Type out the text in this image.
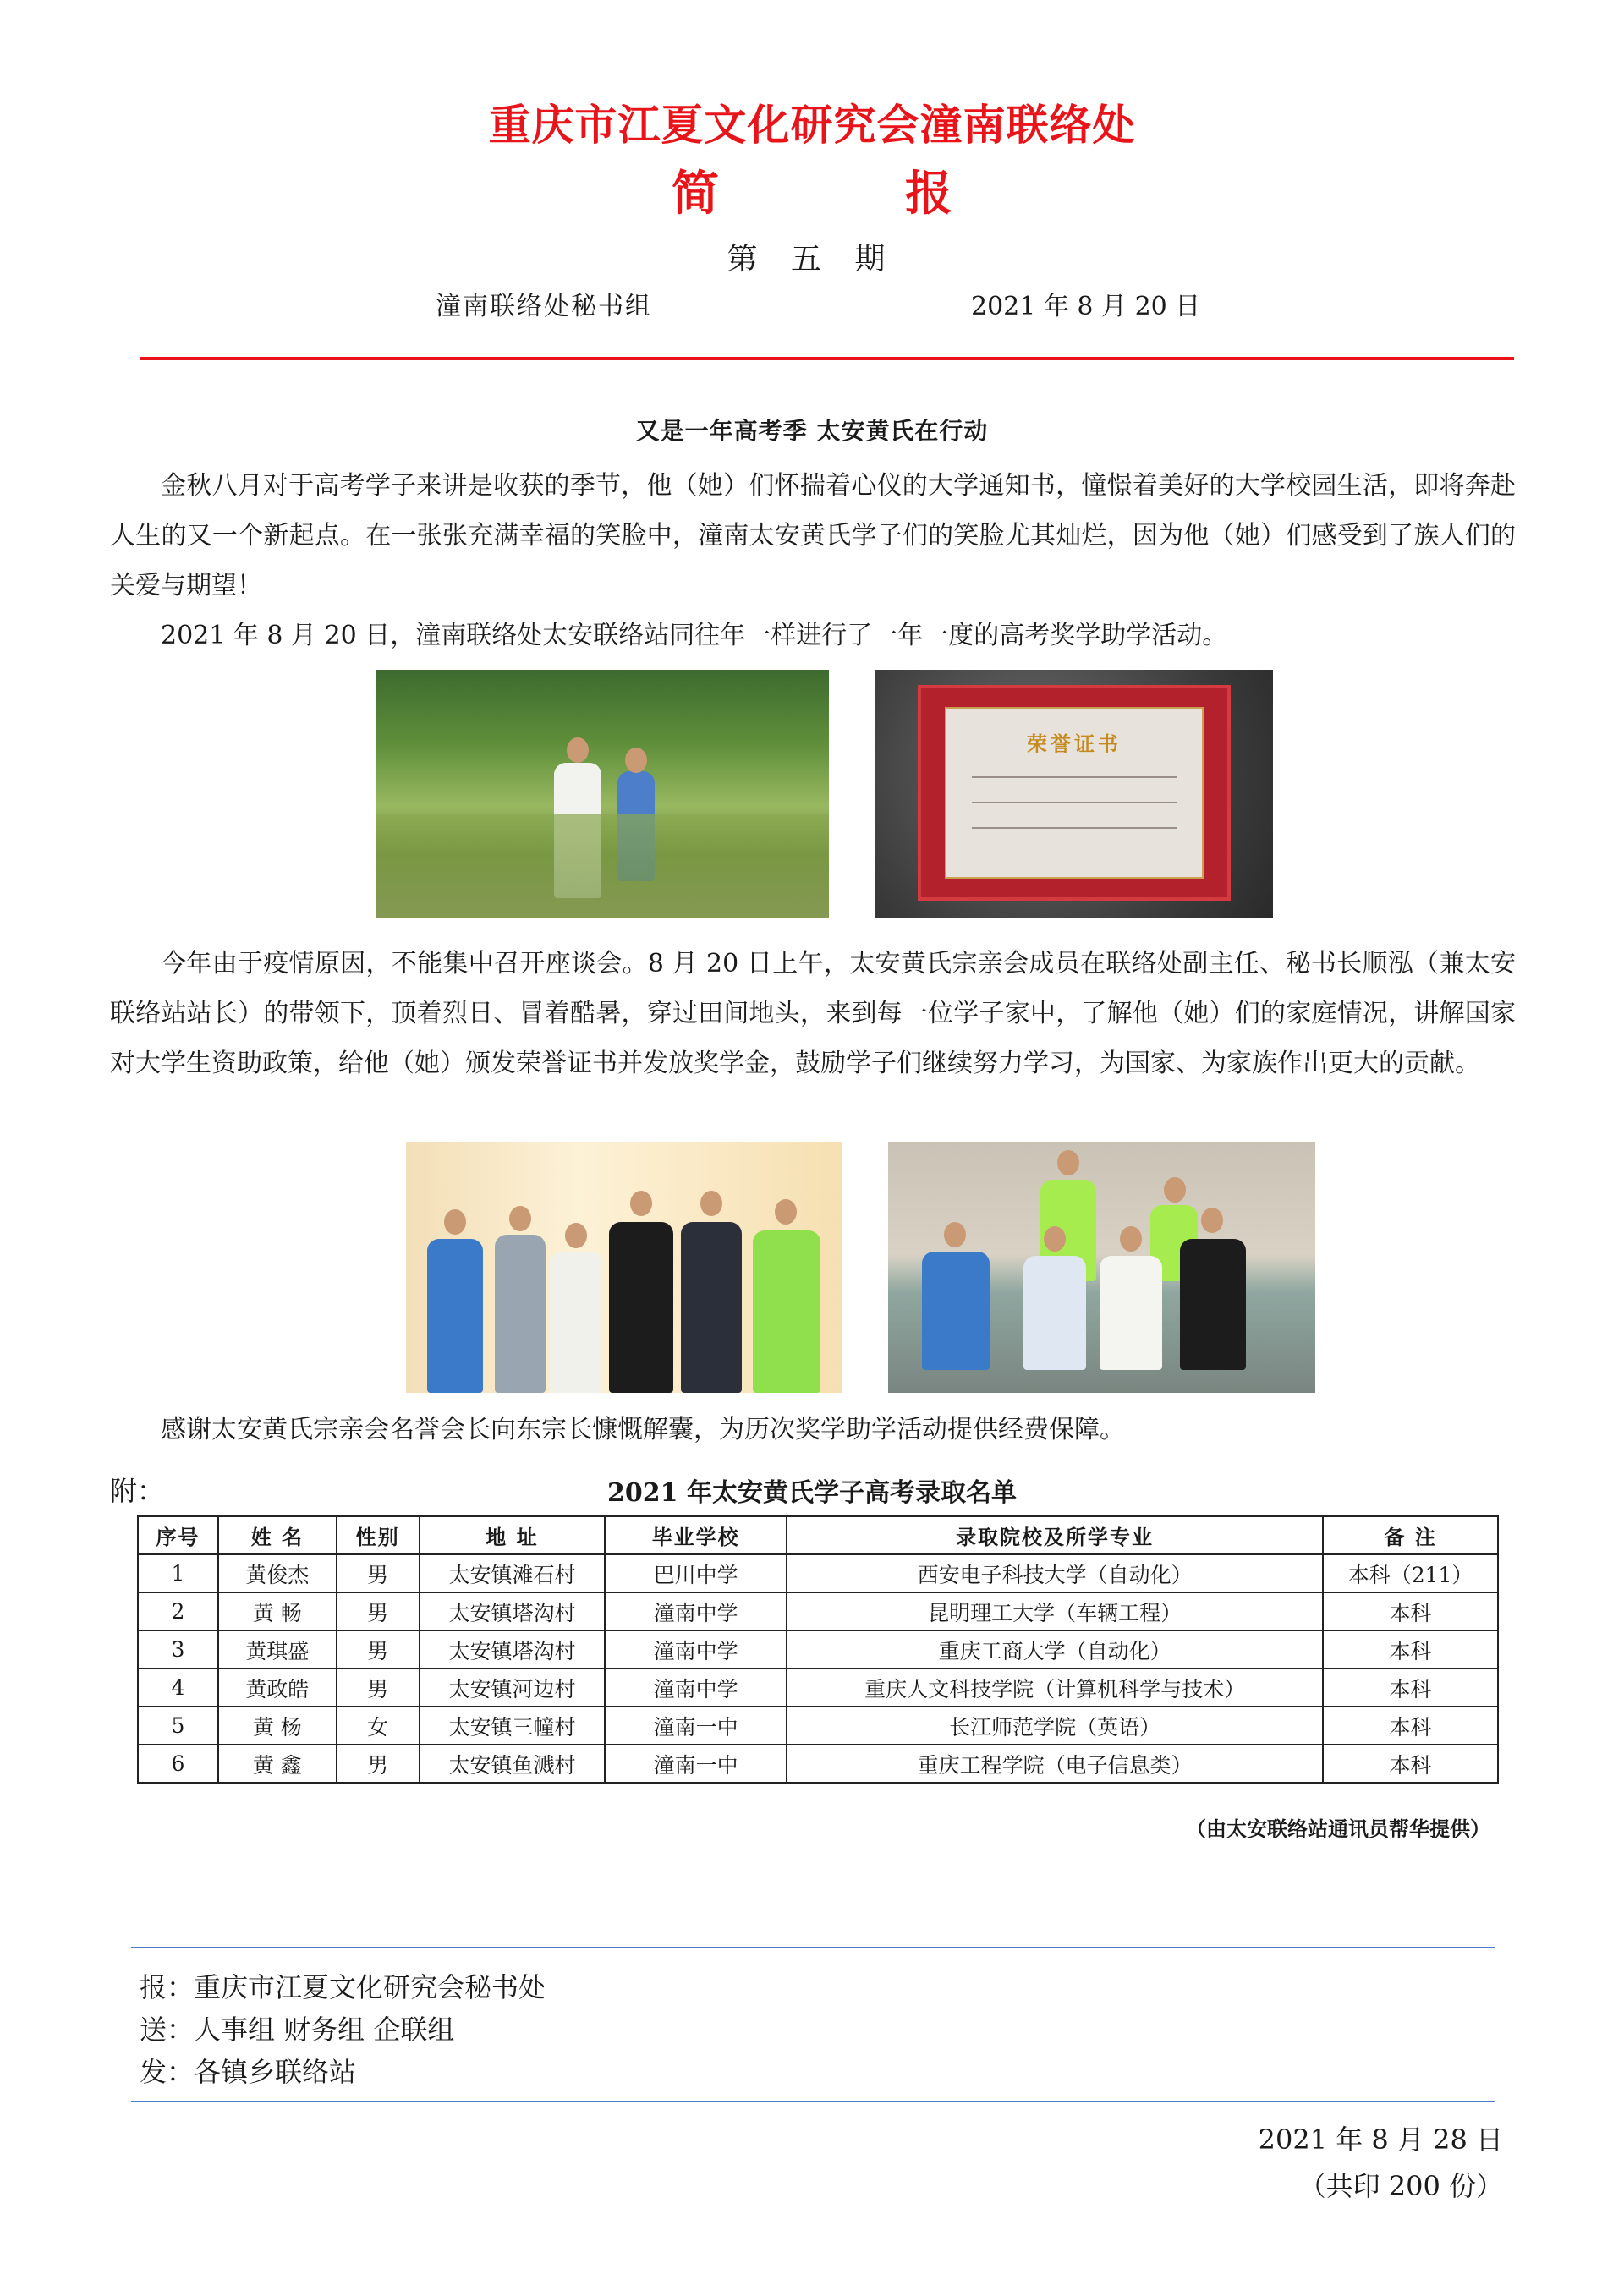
重庆市江夏文化研究会潼南联络处
简	报
第 五 期
潼南联络处秘书组	2021 年 8 月 20 日
又是一年高考季 太安黄氏在行动

金秋八月对于高考学子来讲是收获的季节，他（她）们怀揣着心仪的大学通知书，憧憬着美好的大学校园生活，即将奔赴人生的又一个新起点。在一张张充满幸福的笑脸中，潼南太安黄氏学子们的笑脸尤其灿烂，因为他（她）们感受到了族人们的关爱与期望！

2021 年 8 月 20 日，潼南联络处太安联络站同往年一样进行了一年一度的高考奖学助学活动。

荣誉证书

今年由于疫情原因，不能集中召开座谈会。8 月 20 日上午，太安黄氏宗亲会成员在联络处副主任、秘书长顺泓（兼太安联络站站长）的带领下，顶着烈日、冒着酷暑，穿过田间地头，来到每一位学子家中，了解他（她）们的家庭情况，讲解国家对大学生资助政策，给他（她）颁发荣誉证书并发放奖学金，鼓励学子们继续努力学习，为国家、为家族作出更大的贡献。

感谢太安黄氏宗亲会名誉会长向东宗长慷慨解囊，为历次奖学助学活动提供经费保障。
附：	2021 年太安黄氏学子高考录取名单
序号	姓 名	性别	地 址	毕业学校	录取院校及所学专业	备 注
1	黄俊杰	男	太安镇滩石村	巴川中学	西安电子科技大学（自动化）	本科（211）
2	黄 畅	男	太安镇塔沟村	潼南中学	昆明理工大学（车辆工程）	本科
3	黄琪盛	男	太安镇塔沟村	潼南中学	重庆工商大学（自动化）	本科
4	黄政皓	男	太安镇河边村	潼南中学	重庆人文科技学院（计算机科学与技术）	本科
5	黄 杨	女	太安镇三幢村	潼南一中	长江师范学院（英语）	本科
6	黄 鑫	男	太安镇鱼溅村	潼南一中	重庆工程学院（电子信息类）	本科
（由太安联络站通讯员帮华提供）
报：重庆市江夏文化研究会秘书处
送：人事组 财务组 企联组
发：各镇乡联络站
2021 年 8 月 28 日
（共印 200 份）
